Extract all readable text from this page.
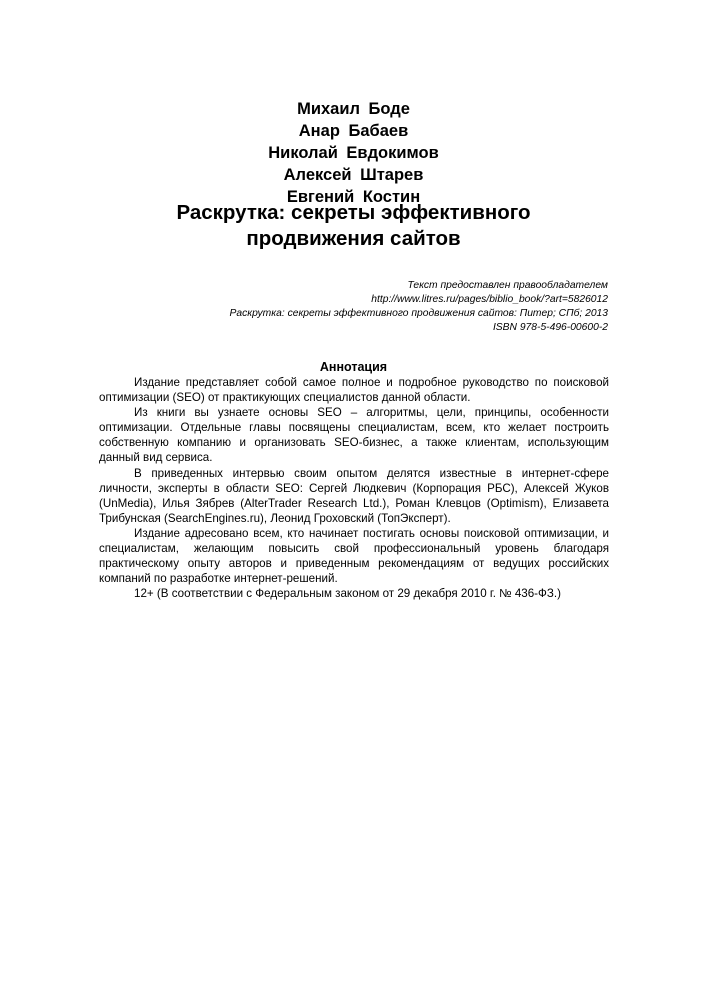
Михаил Боде
Анар Бабаев
Николай Евдокимов
Алексей Штарев
Евгений Костин
Раскрутка: секреты эффективного
продвижения сайтов
Текст предоставлен правообладателем
http://www.litres.ru/pages/biblio_book/?art=5826012
Раскрутка: секреты эффективного продвижения сайтов: Питер; СПб; 2013
ISBN 978-5-496-00600-2
Аннотация

Издание представляет собой самое полное и подробное руководство по поисковой оптимизации (SEO) от практикующих специалистов данной области.

Из книги вы узнаете основы SEO – алгоритмы, цели, принципы, особенности оптимизации. Отдельные главы посвящены специалистам, всем, кто желает построить собственную компанию и организовать SEO-бизнес, а также клиентам, использующим данный вид сервиса.

В приведенных интервью своим опытом делятся известные в интернет-сфере личности, эксперты в области SEO: Сергей Людкевич (Корпорация РБС), Алексей Жуков (UnMedia), Илья Зябрев (AlterTrader Research Ltd.), Роман Клевцов (Optimism), Елизавета Трибунская (SearchEngines.ru), Леонид Гроховский (ТопЭксперт).

Издание адресовано всем, кто начинает постигать основы поисковой оптимизации, и специалистам, желающим повысить свой профессиональный уровень благодаря практическому опыту авторов и приведенным рекомендациям от ведущих российских компаний по разработке интернет-решений.

12+ (В соответствии с Федеральным законом от 29 декабря 2010 г. № 436-ФЗ.)
